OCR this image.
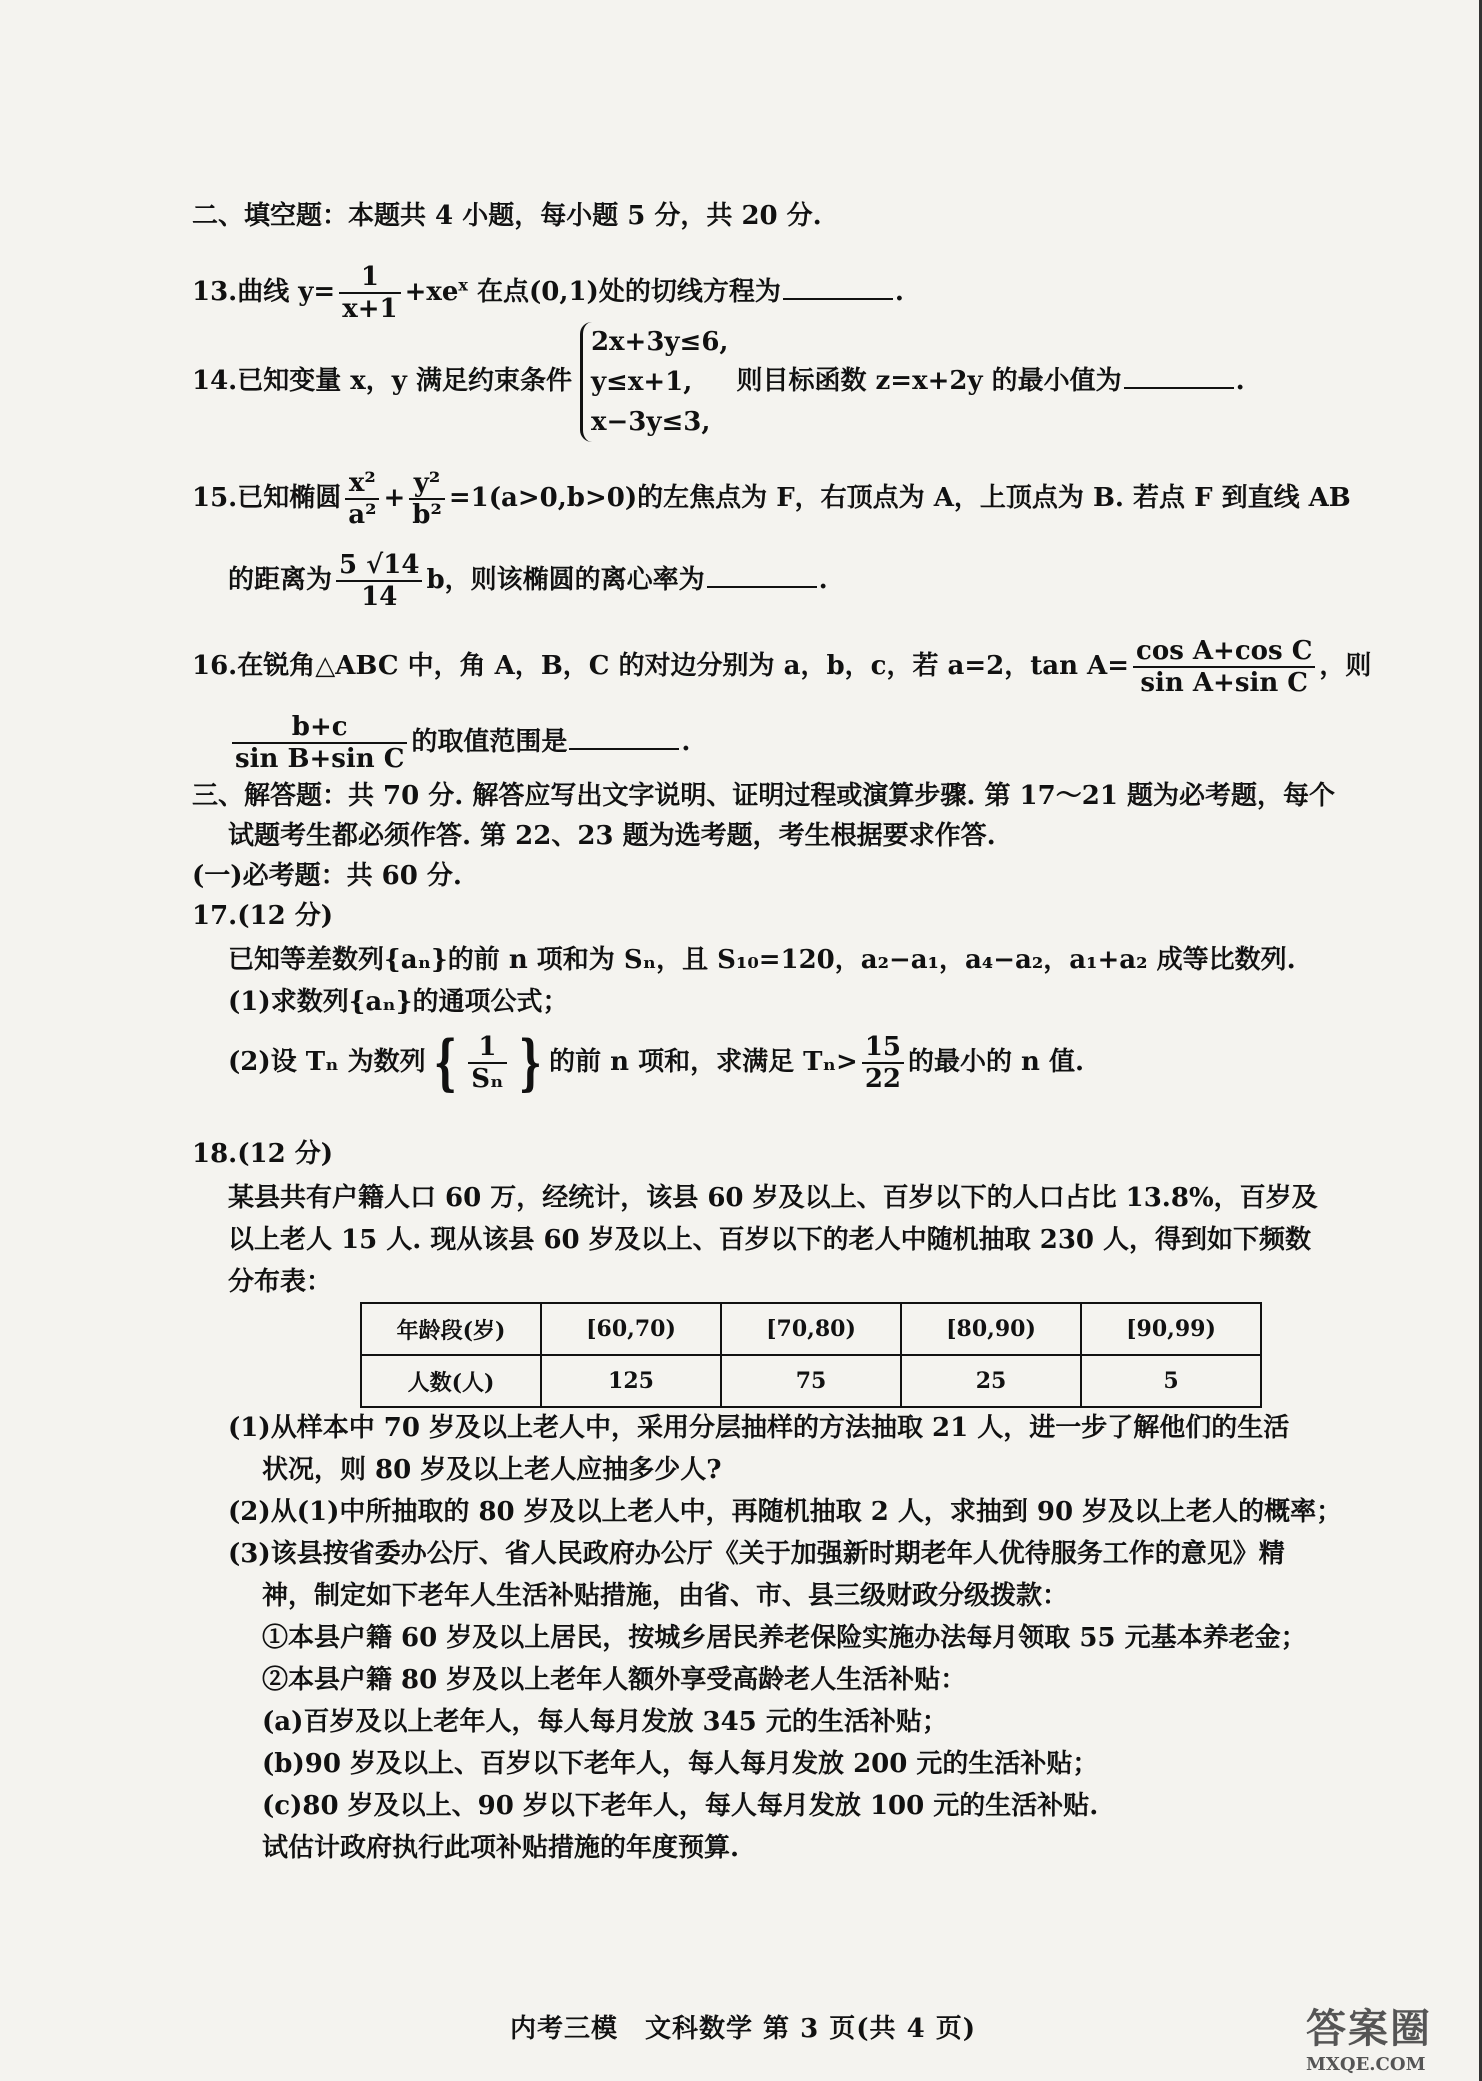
二、填空题：本题共 4 小题，每小题 5 分，共 20 分.
13.曲线 $y= \frac{1}{x+1} +xe^x$ 在点(0,1)处的切线方程为	.
14.已知变量 x，y 满足约束条件
2x+3y≤6,
y≤x+1,
x−3y≤3,
则目标函数 z=x+2y 的最小值为	.
15.已知椭圆 $\frac{\text{x²}}{\text{a²}} + \frac{\text{y²}}{\text{b²}} =1(a>0,b>0)$的左焦点为 F，右顶点为 A，上顶点为 B. 若点 F 到直线 AB
的距离为 $\frac{5 √14}{14}$ b，则该椭圆的离心率为	.
16.在锐角△ABC 中，角 A，B，C 的对边分别为 a，b，c，若 a=2，$\tan A= \frac{\text{cos A+cos C}}{\text{sin A+sin C}}$ ，则
$\frac{b+c}{\text{sin B+sin C}}$ 的取值范围是	.
三、解答题：共 70 分. 解答应写出文字说明、证明过程或演算步骤. 第 17～21 题为必考题，每个
试题考生都必须作答. 第 22、23 题为选考题，考生根据要求作答.
(一)必考题：共 60 分.
17.(12 分)
已知等差数列{aₙ}的前 n 项和为 Sₙ，且 S₁₀=120，a₂−a₁，a₄−a₂，a₁+a₂ 成等比数列.
(1)求数列{aₙ}的通项公式；
(2)设 Tₙ 为数列 { $\frac{1}{\text{Sₙ}}$ } 的前 n 项和，求满足 $T_n> \frac{15}{22}$ 的最小的 n 值.
18.(12 分)
某县共有户籍人口 60 万，经统计，该县 60 岁及以上、百岁以下的人口占比 13.8%，百岁及
以上老人 15 人. 现从该县 60 岁及以上、百岁以下的老人中随机抽取 230 人，得到如下频数
分布表：
年龄段(岁)	[60,70)	[70,80)	[80,90)	[90,99)
人数(人)	125	75	25	5
(1)从样本中 70 岁及以上老人中，采用分层抽样的方法抽取 21 人，进一步了解他们的生活
状况，则 80 岁及以上老人应抽多少人?
(2)从(1)中所抽取的 80 岁及以上老人中，再随机抽取 2 人，求抽到 90 岁及以上老人的概率；
(3)该县按省委办公厅、省人民政府办公厅《关于加强新时期老年人优待服务工作的意见》精
神，制定如下老年人生活补贴措施，由省、市、县三级财政分级拨款：
①本县户籍 60 岁及以上居民，按城乡居民养老保险实施办法每月领取 55 元基本养老金；
②本县户籍 80 岁及以上老年人额外享受高龄老人生活补贴：
(a)百岁及以上老年人，每人每月发放 345 元的生活补贴；
(b)90 岁及以上、百岁以下老年人，每人每月发放 200 元的生活补贴；
(c)80 岁及以上、90 岁以下老年人，每人每月发放 100 元的生活补贴.
试估计政府执行此项补贴措施的年度预算.
内考三模　文科数学 第 3 页(共 4 页)	答案圈
MXQE.COM
